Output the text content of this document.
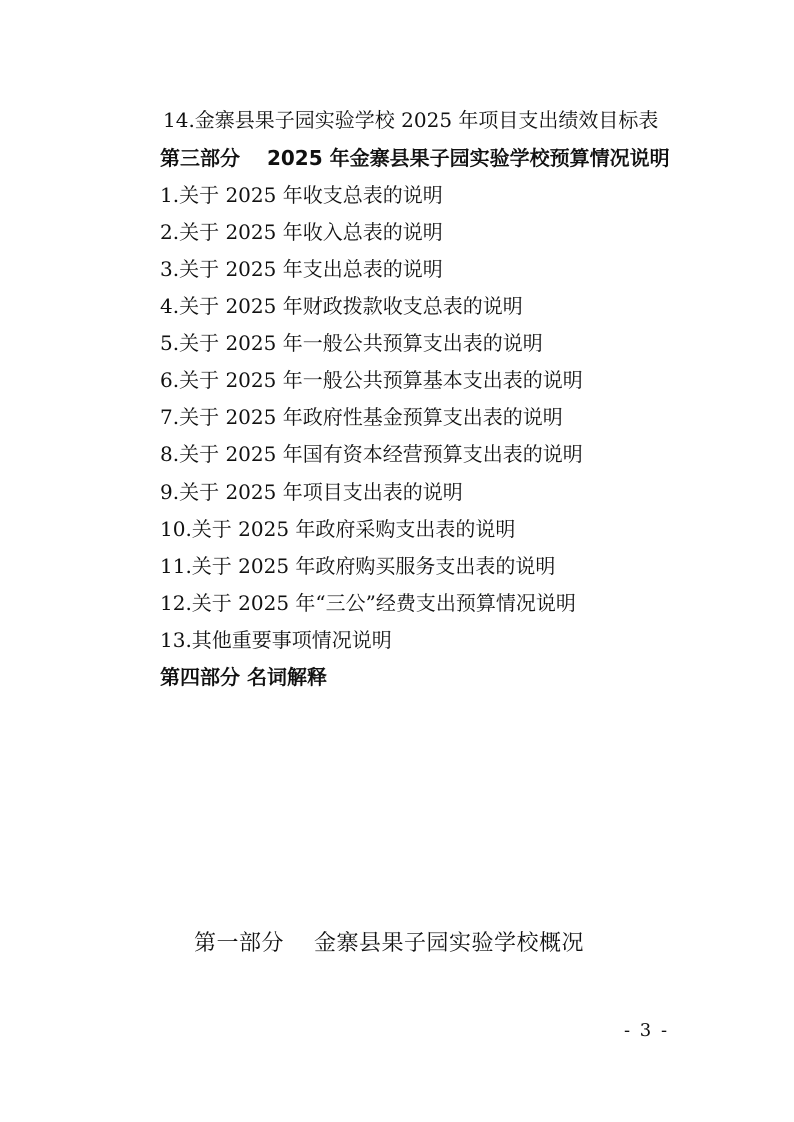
14.金寨县果子园实验学校 2025 年项目支出绩效目标表
第三部分　 2025 年金寨县果子园实验学校预算情况说明
1.关于 2025 年收支总表的说明
2.关于 2025 年收入总表的说明
3.关于 2025 年支出总表的说明
4.关于 2025 年财政拨款收支总表的说明
5.关于 2025 年一般公共预算支出表的说明
6.关于 2025 年一般公共预算基本支出表的说明
7.关于 2025 年政府性基金预算支出表的说明
8.关于 2025 年国有资本经营预算支出表的说明
9.关于 2025 年项目支出表的说明
10.关于 2025 年政府采购支出表的说明
11.关于 2025 年政府购买服务支出表的说明
12.关于 2025 年“三公”经费支出预算情况说明
13.其他重要事项情况说明
第四部分 名词解释
第一部分　 金寨县果子园实验学校概况
- 3 -
